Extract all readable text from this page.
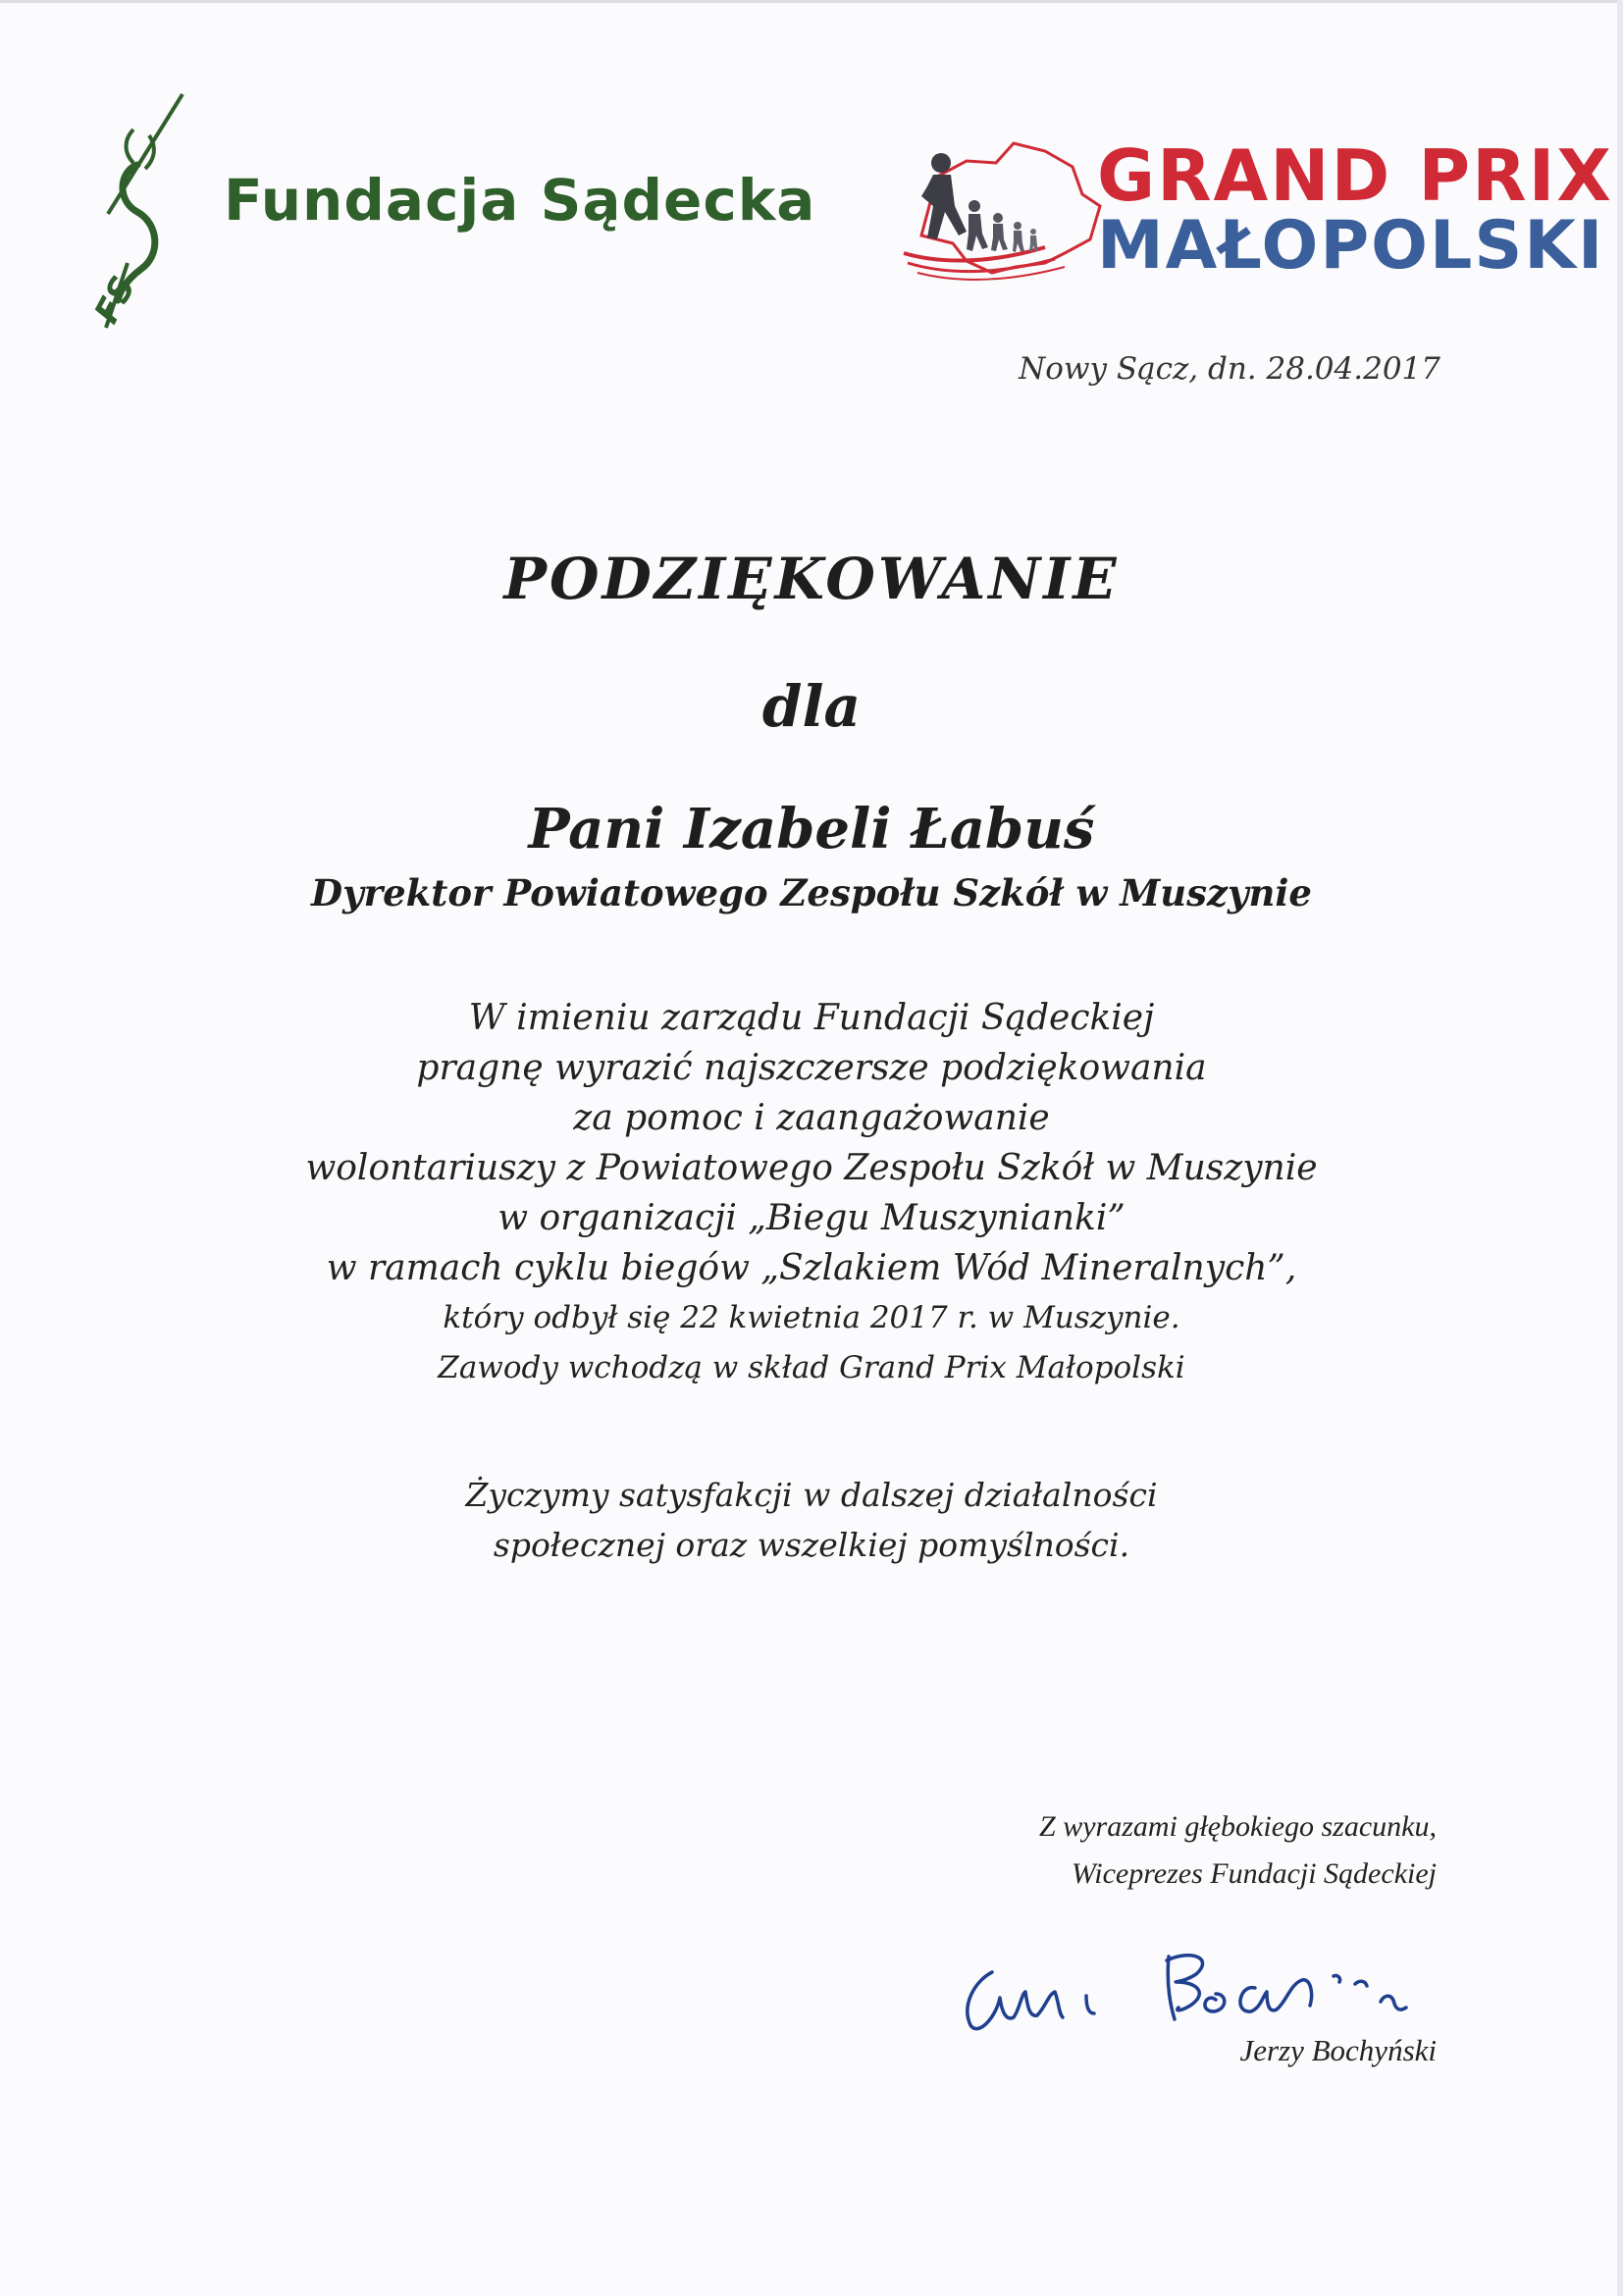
FS
Fundacja Sądecka	GRAND PRIX
MAŁOPOLSKI
Nowy Sącz, dn. 28.04.2017
PODZIĘKOWANIE
dla
Pani Izabeli Łabuś
Dyrektor Powiatowego Zespołu Szkół w Muszynie
W imieniu zarządu Fundacji Sądeckiej
pragnę wyrazić najszczersze podziękowania
za pomoc i zaangażowanie
wolontariuszy z Powiatowego Zespołu Szkół w Muszynie
w organizacji „Biegu Muszynianki”
w ramach cyklu biegów „Szlakiem Wód Mineralnych”,
który odbył się 22 kwietnia 2017 r. w Muszynie.
Zawody wchodzą w skład Grand Prix Małopolski
Życzymy satysfakcji w dalszej działalności
społecznej oraz wszelkiej pomyślności.
Z wyrazami głębokiego szacunku,
Wiceprezes Fundacji Sądeckiej
Jerzy Bochyński
